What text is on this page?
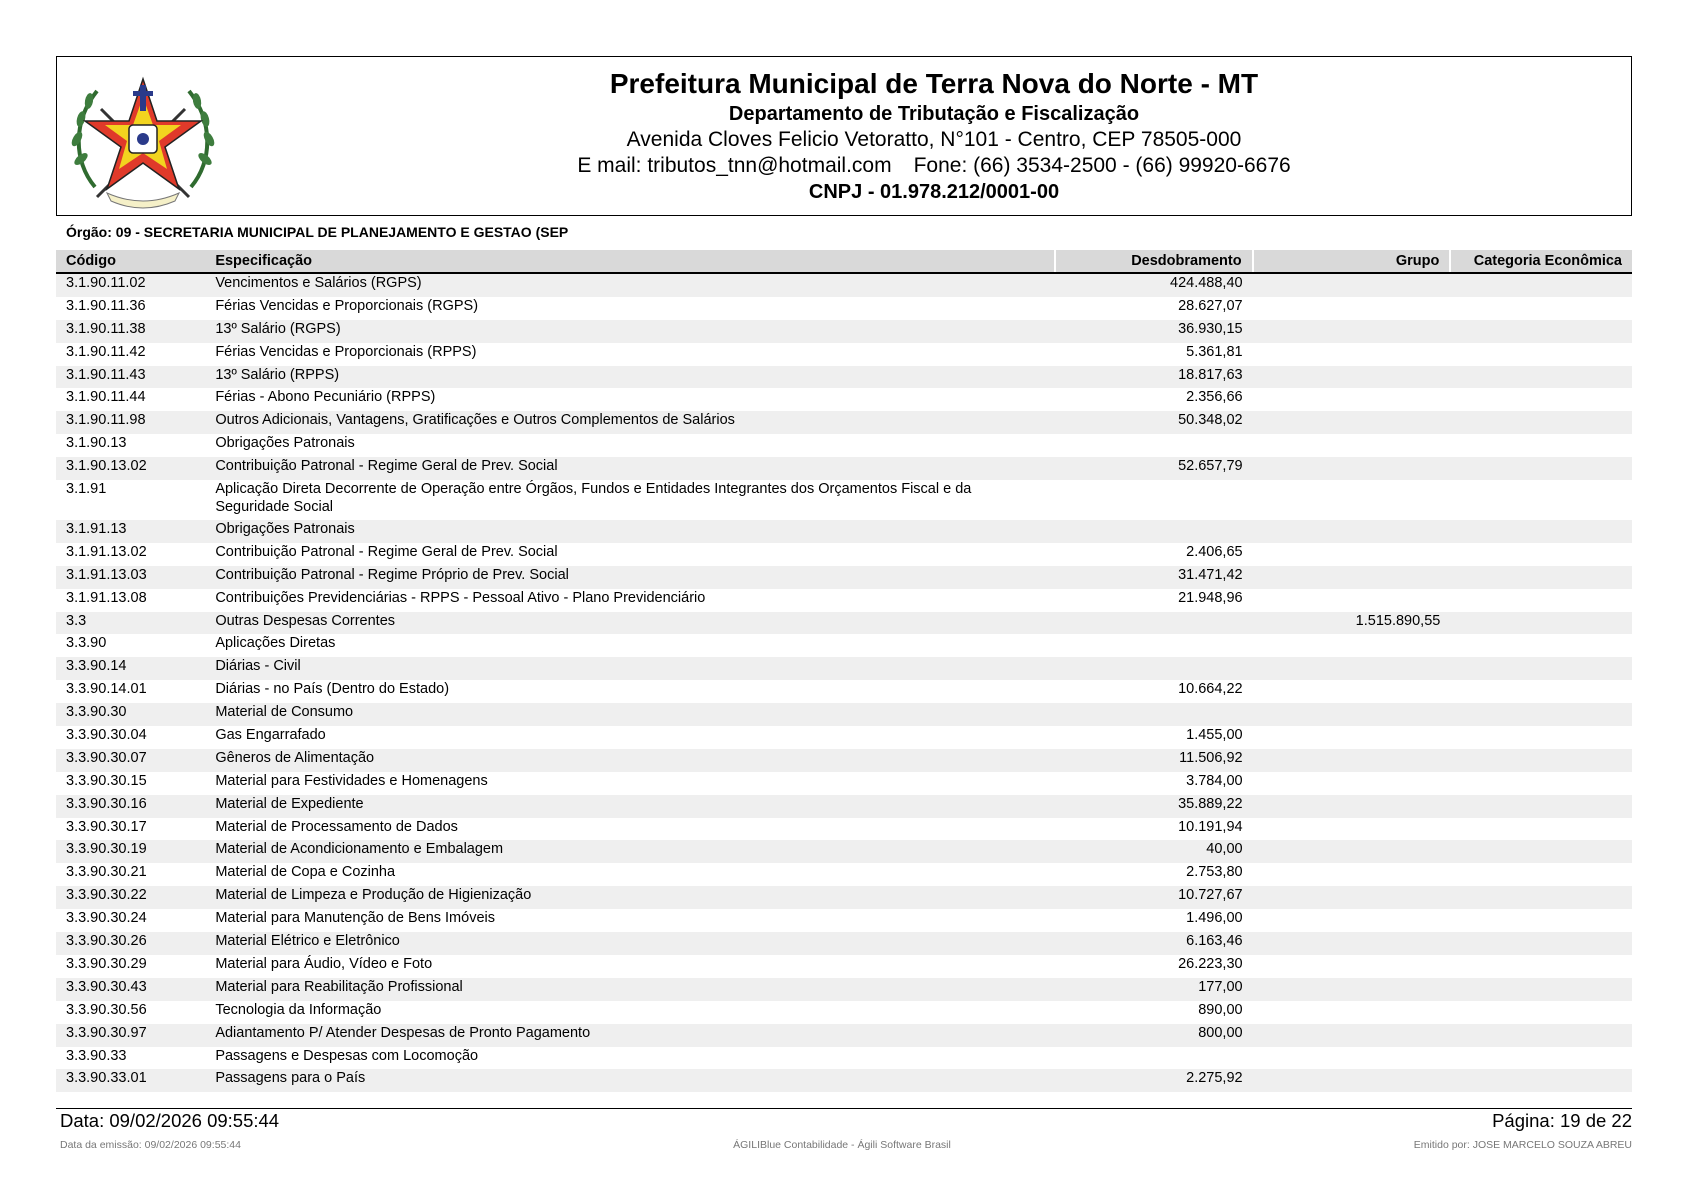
Prefeitura Municipal de Terra Nova do Norte - MT
Departamento de Tributação e Fiscalização
Avenida Cloves Felicio Vetoratto, N°101 - Centro, CEP 78505-000
E mail: tributos_tnn@hotmail.com Fone: (66) 3534-2500 - (66) 99920-6676
CNPJ - 01.978.212/0001-00
Órgão: 09 - SECRETARIA MUNICIPAL DE PLANEJAMENTO E GESTAO (SEP
Código	Especificação	Desdobramento	Grupo	Categoria Econômica
3.1.90.11.02	Vencimentos e Salários (RGPS)	424.488,40		
3.1.90.11.36	Férias Vencidas e Proporcionais (RGPS)	28.627,07		
3.1.90.11.38	13º Salário (RGPS)	36.930,15		
3.1.90.11.42	Férias Vencidas e Proporcionais (RPPS)	5.361,81		
3.1.90.11.43	13º Salário (RPPS)	18.817,63		
3.1.90.11.44	Férias - Abono Pecuniário (RPPS)	2.356,66		
3.1.90.11.98	Outros Adicionais, Vantagens, Gratificações e Outros Complementos de Salários	50.348,02		
3.1.90.13	Obrigações Patronais			
3.1.90.13.02	Contribuição Patronal - Regime Geral de Prev. Social	52.657,79		
3.1.91	Aplicação Direta Decorrente de Operação entre Órgãos, Fundos e Entidades Integrantes dos Orçamentos Fiscal e da Seguridade Social			
3.1.91.13	Obrigações Patronais			
3.1.91.13.02	Contribuição Patronal - Regime Geral de Prev. Social	2.406,65		
3.1.91.13.03	Contribuição Patronal - Regime Próprio de Prev. Social	31.471,42		
3.1.91.13.08	Contribuições Previdenciárias - RPPS - Pessoal Ativo - Plano Previdenciário	21.948,96		
3.3	Outras Despesas Correntes		1.515.890,55	
3.3.90	Aplicações Diretas			
3.3.90.14	Diárias - Civil			
3.3.90.14.01	Diárias - no País (Dentro do Estado)	10.664,22		
3.3.90.30	Material de Consumo			
3.3.90.30.04	Gas Engarrafado	1.455,00		
3.3.90.30.07	Gêneros de Alimentação	11.506,92		
3.3.90.30.15	Material para Festividades e Homenagens	3.784,00		
3.3.90.30.16	Material de Expediente	35.889,22		
3.3.90.30.17	Material de Processamento de Dados	10.191,94		
3.3.90.30.19	Material de Acondicionamento e Embalagem	40,00		
3.3.90.30.21	Material de Copa e Cozinha	2.753,80		
3.3.90.30.22	Material de Limpeza e Produção de Higienização	10.727,67		
3.3.90.30.24	Material para Manutenção de Bens Imóveis	1.496,00		
3.3.90.30.26	Material Elétrico e Eletrônico	6.163,46		
3.3.90.30.29	Material para Áudio, Vídeo e Foto	26.223,30		
3.3.90.30.43	Material para Reabilitação Profissional	177,00		
3.3.90.30.56	Tecnologia da Informação	890,00		
3.3.90.30.97	Adiantamento P/ Atender Despesas de Pronto Pagamento	800,00		
3.3.90.33	Passagens e Despesas com Locomoção			
3.3.90.33.01	Passagens para o País	2.275,92		
Data: 09/02/2026 09:55:44	Página: 19 de 22
Data da emissão: 09/02/2026 09:55:44	ÁGILIBlue Contabilidade - Ágili Software Brasil	Emitido por: JOSE MARCELO SOUZA ABREU
